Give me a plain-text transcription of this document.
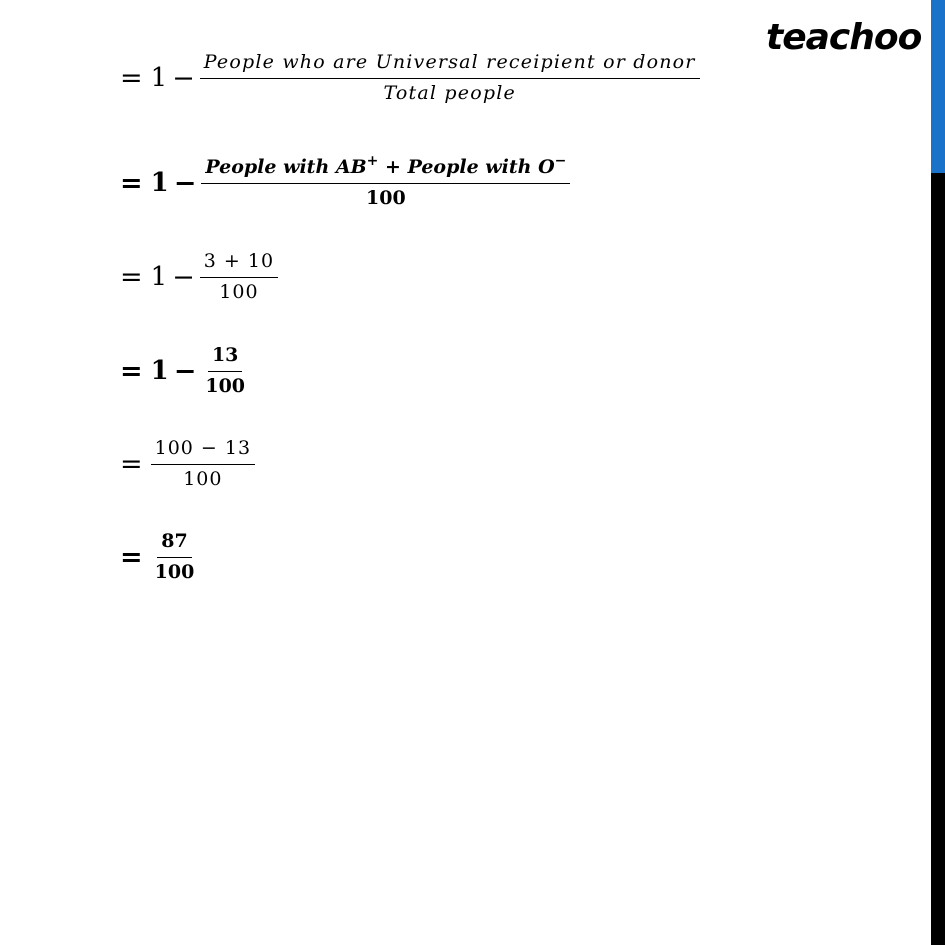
teachoo
= $1 - \frac{\text{People who are Universal receipient or donor}}{\text{Total people}}$
= $1 - \frac{People with AB^+ + People with O^-}{100}$
= $1 - \frac{3 + 10}{100}$
= $1 - \frac{13}{100}$
= $\frac{100 - 13}{100}$
= $\frac{87}{100}$
